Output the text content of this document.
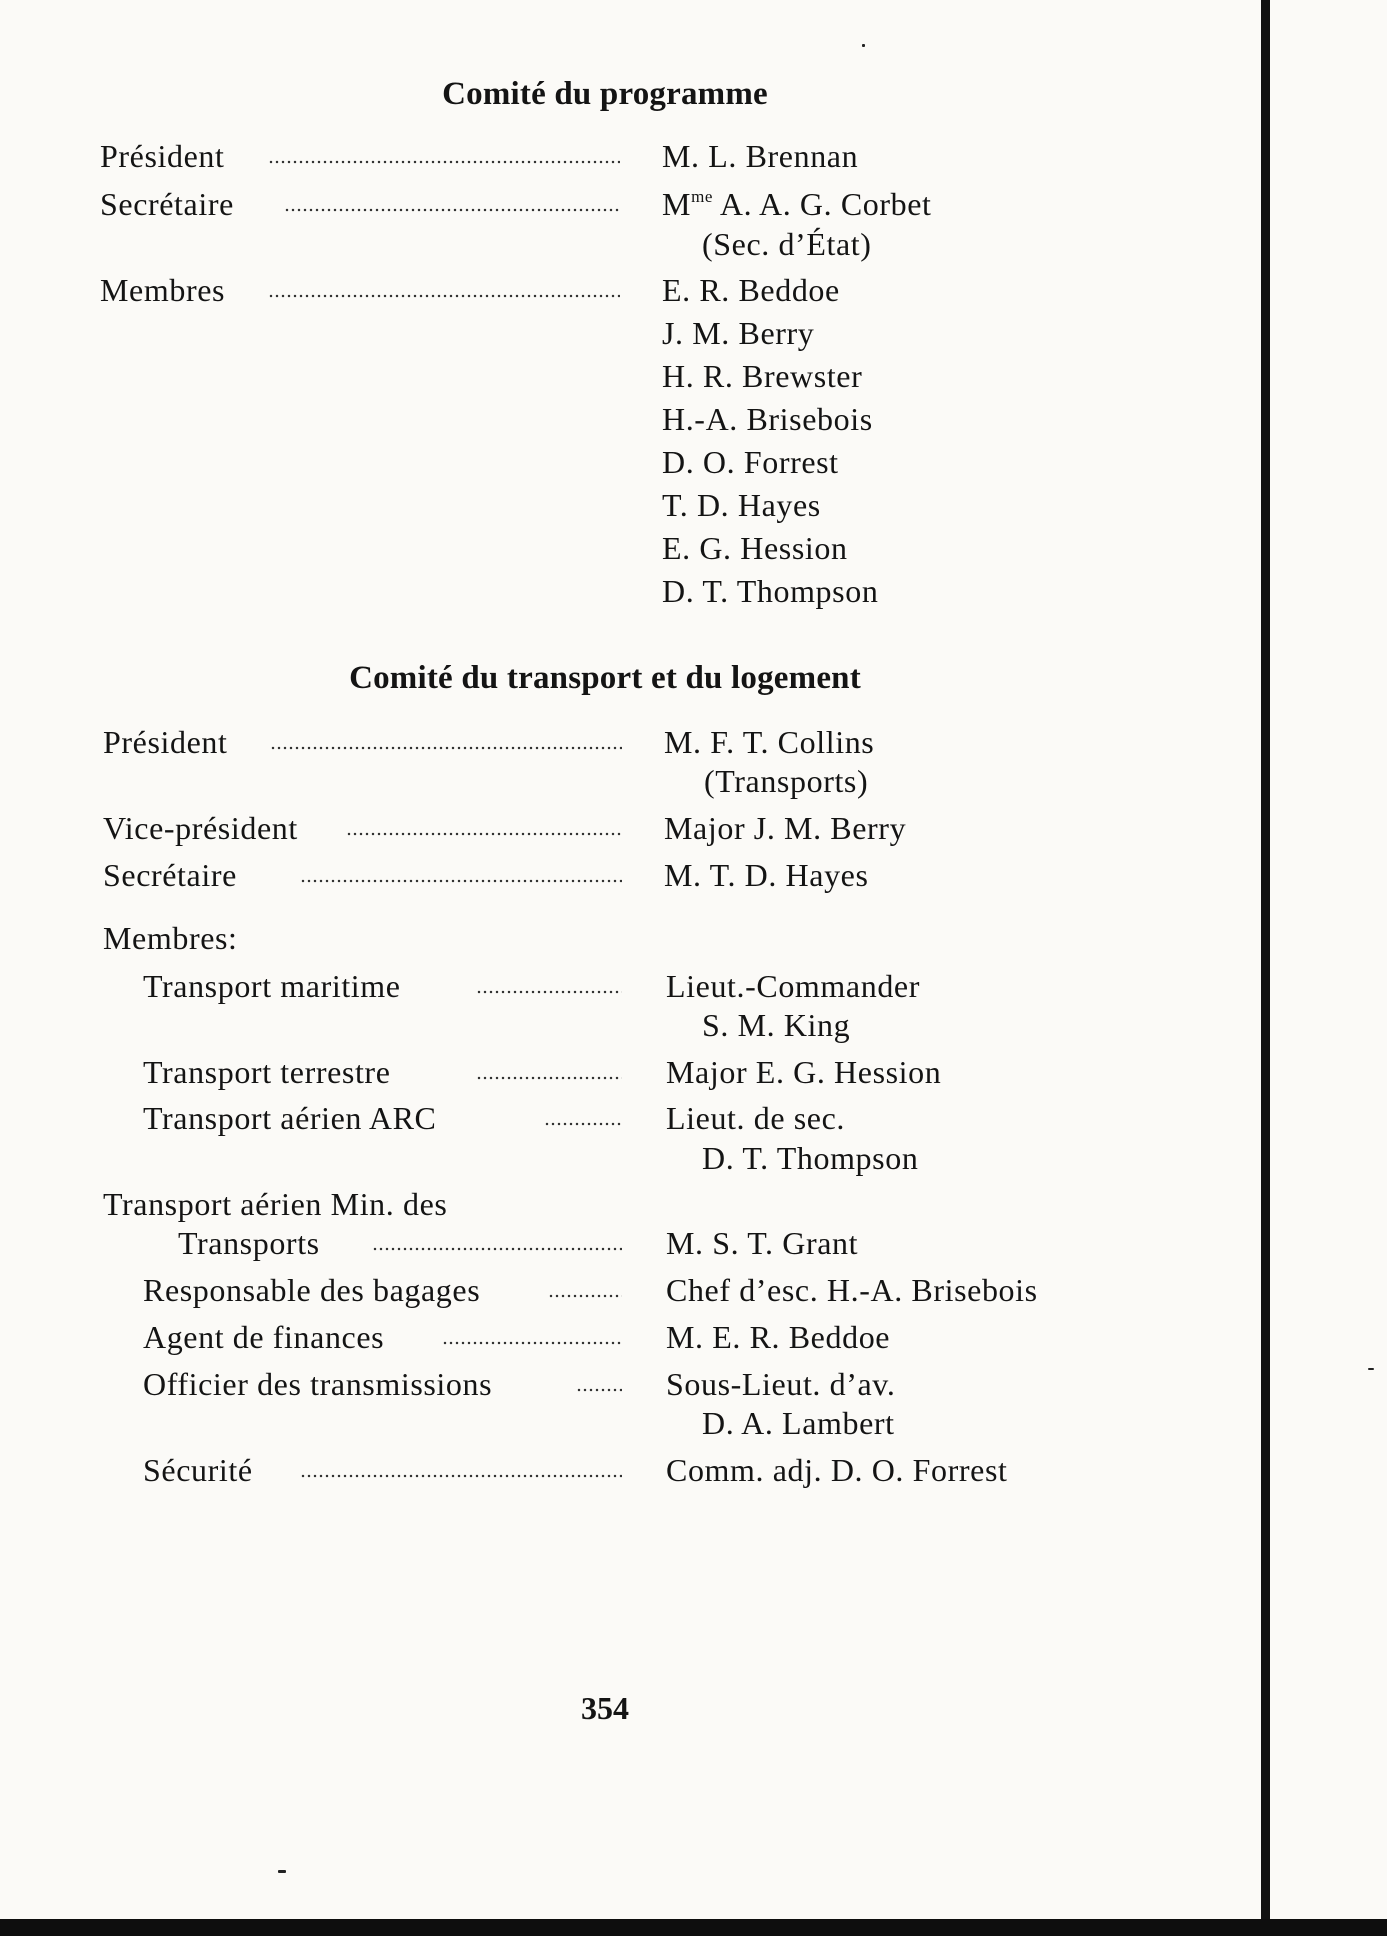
Comité du programme
Président	M. L. Brennan
Secrétaire	$M^{me}$ A. A. G. Corbet
(Sec. d’État)
Membres	E. R. Beddoe
J. M. Berry
H. R. Brewster
H.-A. Brisebois
D. O. Forrest
T. D. Hayes
E. G. Hession
D. T. Thompson
Comité du transport et du logement
Président	M. F. T. Collins
(Transports)
Vice-président	Major J. M. Berry
Secrétaire	M. T. D. Hayes
Membres:
Transport maritime	Lieut.-Commander
S. M. King
Transport terrestre	Major E. G. Hession
Transport aérien ARC	Lieut. de sec.
D. T. Thompson
Transport aérien Min. des
Transports	M. S. T. Grant
Responsable des bagages	Chef d’esc. H.-A. Brisebois
Agent de finances	M. E. R. Beddoe
Officier des transmissions	Sous-Lieut. d’av.
D. A. Lambert
Sécurité	Comm. adj. D. O. Forrest
354
